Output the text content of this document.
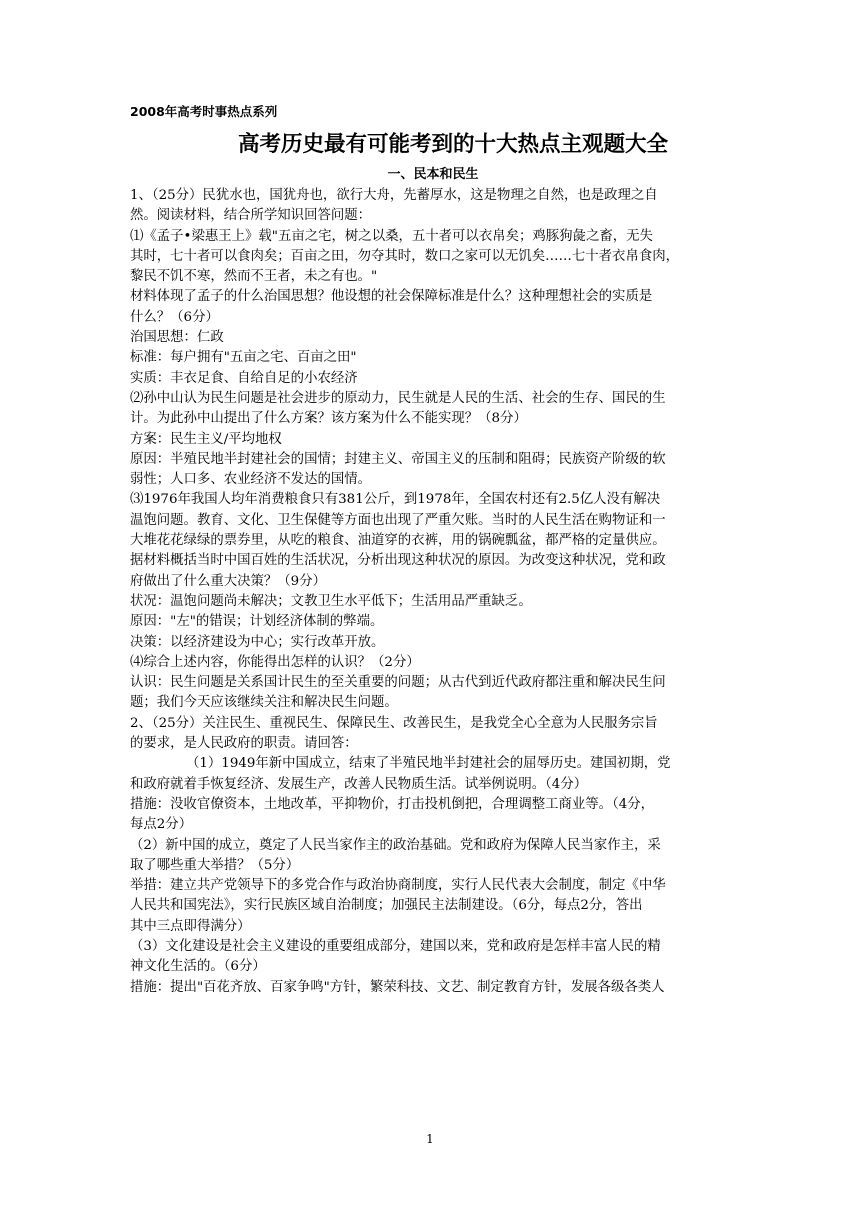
2008年高考时事热点系列
高考历史最有可能考到的十大热点主观题大全
一、民本和民生
1、（25分）民犹水也，国犹舟也，欲行大舟，先蓄厚水，这是物理之自然，也是政理之自
然。阅读材料，结合所学知识回答问题：
⑴《孟子•梁惠王上》载"五亩之宅，树之以桑，五十者可以衣帛矣；鸡豚狗彘之畜，无失
其时，七十者可以食肉矣；百亩之田，勿夺其时，数口之家可以无饥矣……七十者衣帛食肉，
黎民不饥不寒，然而不王者，未之有也。"
材料体现了孟子的什么治国思想？他设想的社会保障标准是什么？这种理想社会的实质是
什么？（6分）
治国思想：仁政
标准：每户拥有"五亩之宅、百亩之田"
实质：丰衣足食、自给自足的小农经济
⑵孙中山认为民生问题是社会进步的原动力，民生就是人民的生活、社会的生存、国民的生
计。为此孙中山提出了什么方案？该方案为什么不能实现？（8分）
方案：民生主义/平均地权
原因：半殖民地半封建社会的国情；封建主义、帝国主义的压制和阻碍；民族资产阶级的软
弱性；人口多、农业经济不发达的国情。
⑶1976年我国人均年消费粮食只有381公斤，到1978年，全国农村还有2.5亿人没有解决
温饱问题。教育、文化、卫生保健等方面也出现了严重欠账。当时的人民生活在购物证和一
大堆花花绿绿的票券里，从吃的粮食、油道穿的衣裤，用的锅碗瓢盆，都严格的定量供应。
据材料概括当时中国百姓的生活状况，分析出现这种状况的原因。为改变这种状况，党和政
府做出了什么重大决策？（9分）
状况：温饱问题尚未解决；文教卫生水平低下；生活用品严重缺乏。
原因："左"的错误；计划经济体制的弊端。
决策：以经济建设为中心；实行改革开放。
⑷综合上述内容，你能得出怎样的认识？（2分）
认识：民生问题是关系国计民生的至关重要的问题；从古代到近代政府都注重和解决民生问
题；我们今天应该继续关注和解决民生问题。
2、（25分）关注民生、重视民生、保障民生、改善民生，是我党全心全意为人民服务宗旨
的要求，是人民政府的职责。请回答：
（1）1949年新中国成立，结束了半殖民地半封建社会的屈辱历史。建国初期，党
和政府就着手恢复经济、发展生产，改善人民物质生活。试举例说明。（4分）
措施：没收官僚资本，土地改革，平抑物价，打击投机倒把，合理调整工商业等。（4分，
每点2分）
（2）新中国的成立，奠定了人民当家作主的政治基础。党和政府为保障人民当家作主，采
取了哪些重大举措？（5分）
举措：建立共产党领导下的多党合作与政治协商制度，实行人民代表大会制度，制定《中华
人民共和国宪法》，实行民族区域自治制度；加强民主法制建设。（6分，每点2分，答出
其中三点即得满分）
（3）文化建设是社会主义建设的重要组成部分，建国以来，党和政府是怎样丰富人民的精
神文化生活的。（6分）
措施：提出"百花齐放、百家争鸣"方针，繁荣科技、文艺、制定教育方针，发展各级各类人
1
